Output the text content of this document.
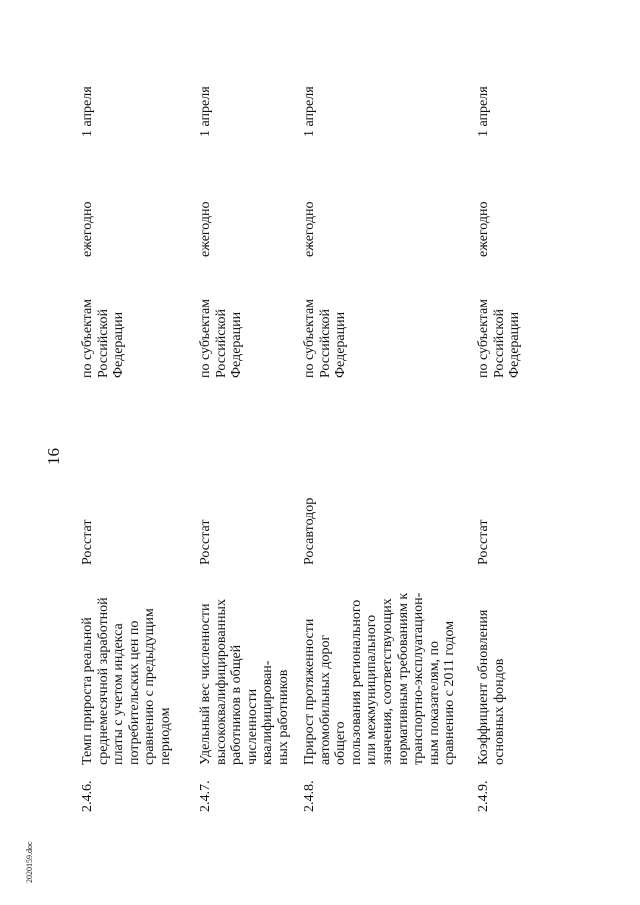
16
2020159.doc
2.4.6.
Темп прироста реальной среднемесячной заработной платы с учетом индекса потребительских цен по сравнению с предыдущим периодом
Росстат
по субъектам Российской Федерации
ежегодно
1 апреля
2.4.7.
Удельный вес численности высококвалифицированных работников в общей численности квалифицирован- ных работников
Росстат
по субъектам Российской Федерации
ежегодно
1 апреля
2.4.8.
Прирост протяженности автомобильных дорог общего пользования регионального или межмуниципального значения, соответствующих нормативным требованиям к транспортно-эксплуатацион- ным показателям, по сравнению с 2011 годом
Росавтодор
по субъектам Российской Федерации
ежегодно
1 апреля
2.4.9.
Коэффициент обновления основных фондов
Росстат
по субъектам Российской Федерации
ежегодно
1 апреля
